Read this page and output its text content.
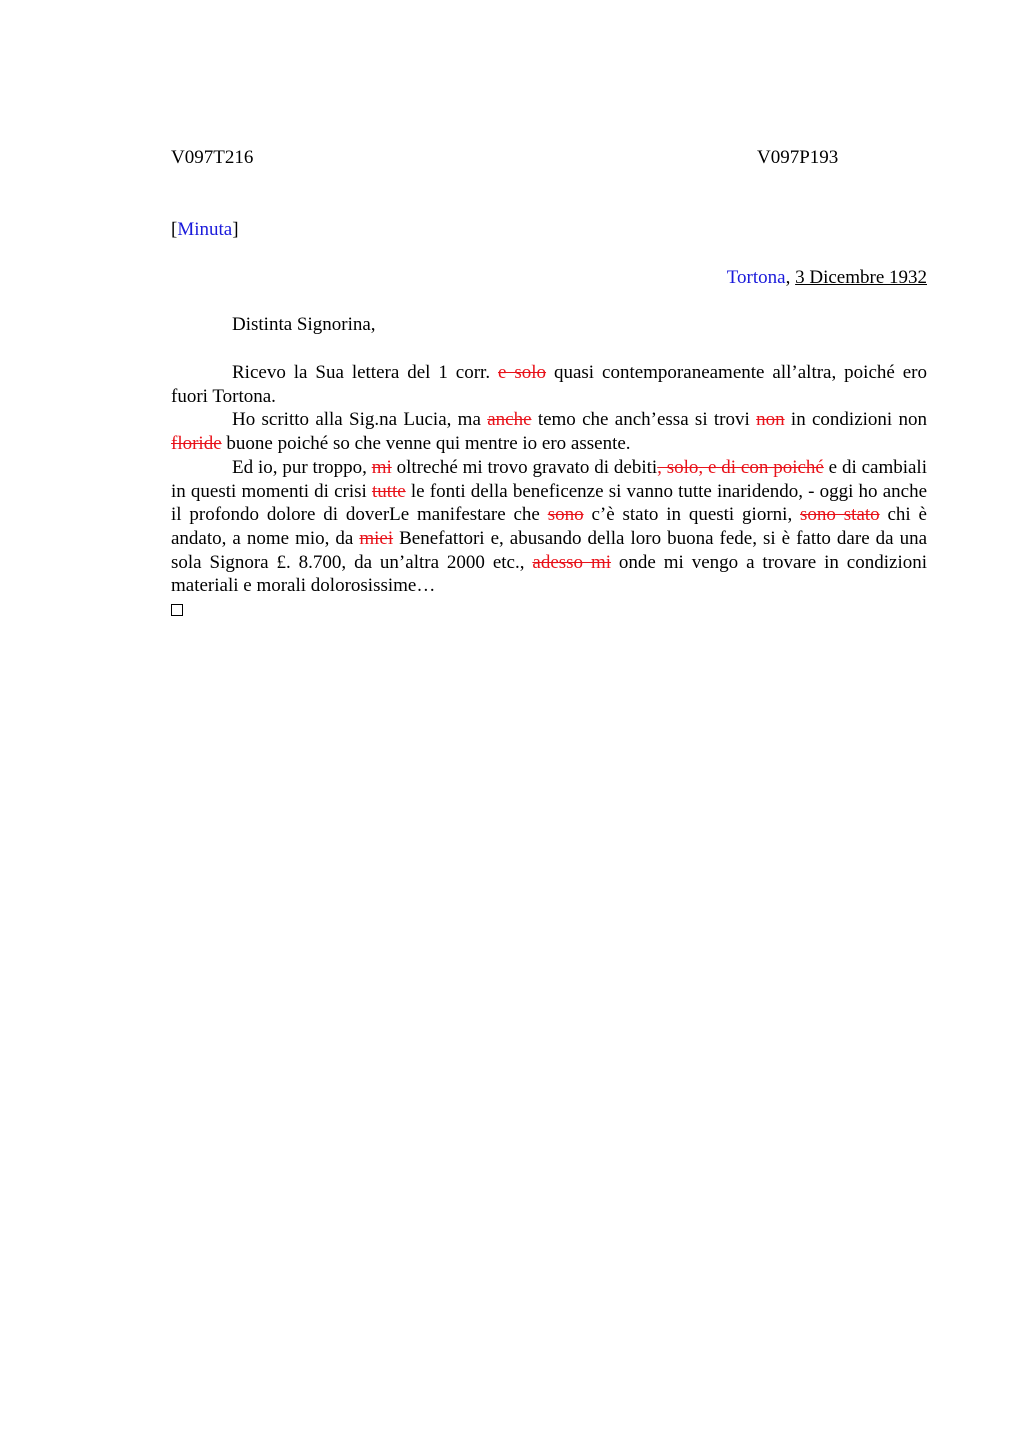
V097T216	V097P193
[Minuta]
Tortona, 3 Dicembre 1932
Distinta Signorina,

Ricevo la Sua lettera del 1 corr. e solo quasi contemporaneamente all’altra, poiché ero fuori Tortona.

Ho scritto alla Sig.na Lucia, ma anche temo che anch’essa si trovi non in condizioni non floride buone poiché so che venne qui mentre io ero assente.

Ed io, pur troppo, mi oltreché mi trovo gravato di debiti, solo, e di con poiché e di cambiali in questi momenti di crisi tutte le fonti della beneficenze si vanno tutte inaridendo, - oggi ho anche il profondo dolore di doverLe manifestare che sono c’è stato in questi giorni, sono stato chi è andato, a nome mio, da miei Benefattori e, abusando della loro buona fede, si è fatto dare da una sola Signora £. 8.700, da un’altra 2000 etc., adesso mi onde mi vengo a trovare in condizioni materiali e morali dolorosissime…
